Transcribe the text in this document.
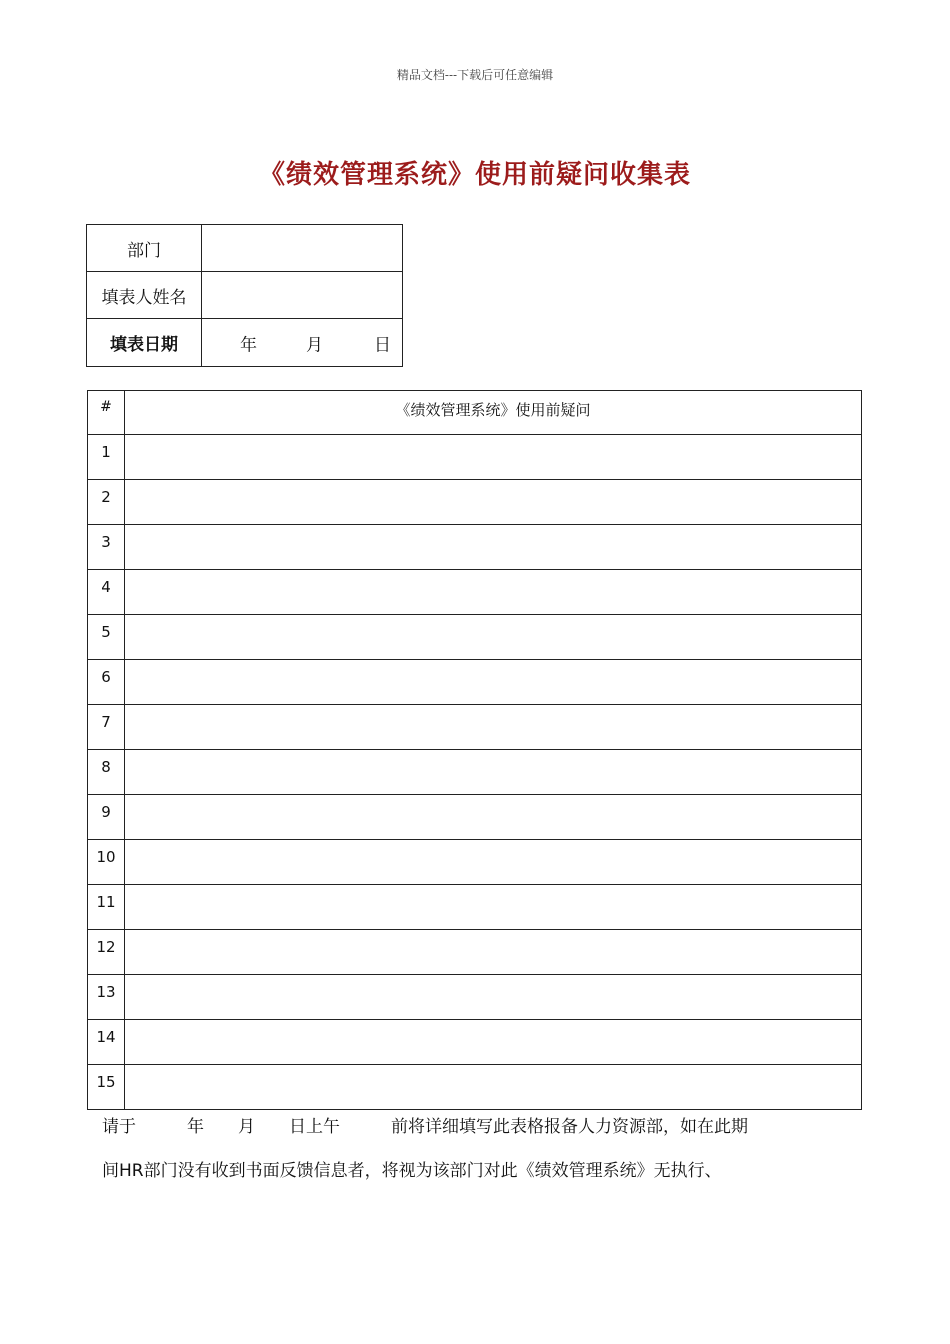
精品文档---下载后可任意编辑
《绩效管理系统》使用前疑问收集表
部门	
填表人姓名	
填表日期	年 月 日
#	《绩效管理系统》使用前疑问
1	
2	
3	
4	
5	
6	
7	
8	
9	
10	
11	
12	
13	
14	
15	
请于　　　年　　月　　日上午　　　前将详细填写此表格报备人力资源部，如在此期
间HR部门没有收到书面反馈信息者，将视为该部门对此《绩效管理系统》无执行、
